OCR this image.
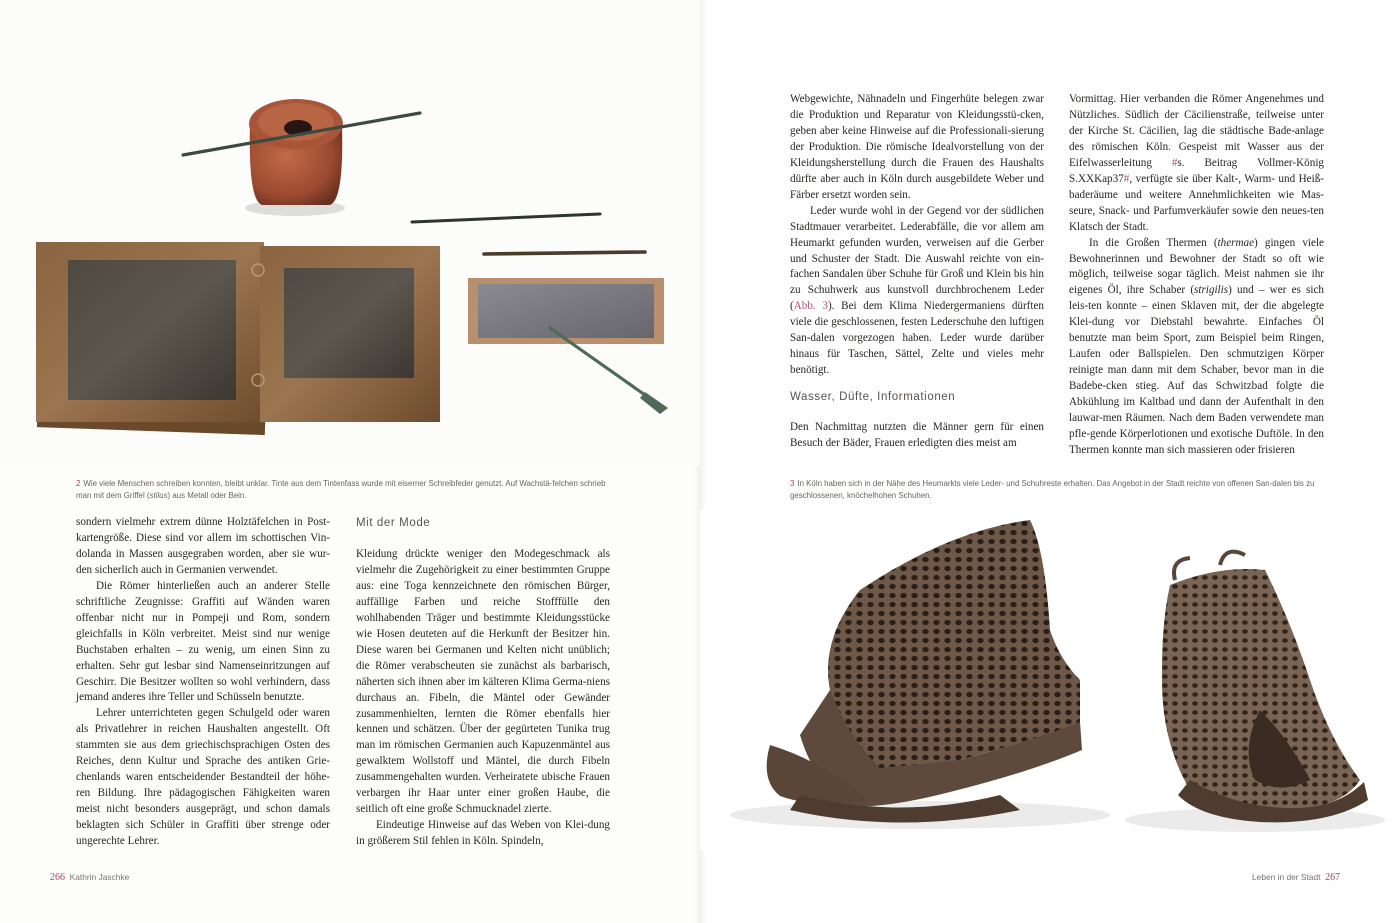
2 Wie viele Menschen schreiben konnten, bleibt unklar. Tinte aus dem Tintenfass wurde mit eiserner Schreibfeder genutzt. Auf Wachstä-felchen schrieb man mit dem Griffel (stilus) aus Metall oder Bein.

sondern vielmehr extrem dünne Holztäfelchen in Post-kartengröße. Diese sind vor allem im schottischen Vin-dolanda in Massen ausgegraben worden, aber sie wur-den sicherlich auch in Germanien verwendet.

Die Römer hinterließen auch an anderer Stelle schriftliche Zeugnisse: Graffiti auf Wänden waren offenbar nicht nur in Pompeji und Rom, sondern gleichfalls in Köln verbreitet. Meist sind nur wenige Buchstaben erhalten – zu wenig, um einen Sinn zu erhalten. Sehr gut lesbar sind Namenseinritzungen auf Geschirr. Die Besitzer wollten so wohl verhindern, dass jemand anderes ihre Teller und Schüsseln benutzte.

Lehrer unterrichteten gegen Schulgeld oder waren als Privatlehrer in reichen Haushalten angestellt. Oft stammten sie aus dem griechischsprachigen Osten des Reiches, denn Kultur und Sprache des antiken Grie-chenlands waren entscheidender Bestandteil der höhe-ren Bildung. Ihre pädagogischen Fähigkeiten waren meist nicht besonders ausgeprägt, und schon damals beklagten sich Schüler in Graffiti über strenge oder ungerechte Lehrer.

Mit der Mode

Kleidung drückte weniger den Modegeschmack als vielmehr die Zugehörigkeit zu einer bestimmten Gruppe aus: eine Toga kennzeichnete den römischen Bürger, auffällige Farben und reiche Stofffülle den wohlhabenden Träger und bestimmte Kleidungsstücke wie Hosen deuteten auf die Herkunft der Besitzer hin. Diese waren bei Germanen und Kelten nicht unüblich; die Römer verabscheuten sie zunächst als barbarisch, näherten sich ihnen aber im kälteren Klima Germa-niens durchaus an. Fibeln, die Mäntel oder Gewänder zusammenhielten, lernten die Römer ebenfalls hier kennen und schätzen. Über der gegürteten Tunika trug man im römischen Germanien auch Kapuzenmäntel aus gewalktem Wollstoff und Mäntel, die durch Fibeln zusammengehalten wurden. Verheiratete ubische Frauen verbargen ihr Haar unter einer großen Haube, die seitlich oft eine große Schmucknadel zierte.

Eindeutige Hinweise auf das Weben von Klei-dung in größerem Stil fehlen in Köln. Spindeln,

266 Kathrin Jaschke

Webgewichte, Nähnadeln und Fingerhüte belegen zwar die Produktion und Reparatur von Kleidungsstü-cken, geben aber keine Hinweise auf die Professionali-sierung der Produktion. Die römische Idealvorstellung von der Kleidungsherstellung durch die Frauen des Haushalts dürfte aber auch in Köln durch ausgebildete Weber und Färber ersetzt worden sein.

Leder wurde wohl in der Gegend vor der südlichen Stadtmauer verarbeitet. Lederabfälle, die vor allem am Heumarkt gefunden wurden, verweisen auf die Gerber und Schuster der Stadt. Die Auswahl reichte von ein-fachen Sandalen über Schuhe für Groß und Klein bis hin zu Schuhwerk aus kunstvoll durchbrochenem Leder (Abb. 3). Bei dem Klima Niedergermaniens dürften viele die geschlossenen, festen Lederschuhe den luftigen San-dalen vorgezogen haben. Leder wurde darüber hinaus für Taschen, Sättel, Zelte und vieles mehr benötigt.

Wasser, Düfte, Informationen

Den Nachmittag nutzten die Männer gern für einen Besuch der Bäder, Frauen erledigten dies meist am

Vormittag. Hier verbanden die Römer Angenehmes und Nützliches. Südlich der Cäcilienstraße, teilweise unter der Kirche St. Cäcilien, lag die städtische Bade-anlage des römischen Köln. Gespeist mit Wasser aus der Eifelwasserleitung #s. Beitrag Vollmer-König S.XXKap37#, verfügte sie über Kalt-, Warm- und Heiß-baderäume und weitere Annehmlichkeiten wie Mas-seure, Snack- und Parfumverkäufer sowie den neues-ten Klatsch der Stadt.

In die Großen Thermen (thermae) gingen viele Bewohnerinnen und Bewohner der Stadt so oft wie möglich, teilweise sogar täglich. Meist nahmen sie ihr eigenes Öl, ihre Schaber (strigilis) und – wer es sich leis-ten konnte – einen Sklaven mit, der die abgelegte Klei-dung vor Diebstahl bewahrte. Einfaches Öl benutzte man beim Sport, zum Beispiel beim Ringen, Laufen oder Ballspielen. Den schmutzigen Körper reinigte man dann mit dem Schaber, bevor man in die Badebe-cken stieg. Auf das Schwitzbad folgte die Abkühlung im Kaltbad und dann der Aufenthalt in den lauwar-men Räumen. Nach dem Baden verwendete man pfle-gende Körperlotionen und exotische Duftöle. In den Thermen konnte man sich massieren oder frisieren

3 In Köln haben sich in der Nähe des Heumarkts viele Leder- und Schuhreste erhalten. Das Angebot in der Stadt reichte von offenen San-dalen bis zu geschlossenen, knöchelhohen Schuhen.
Leben in der Stadt 267
